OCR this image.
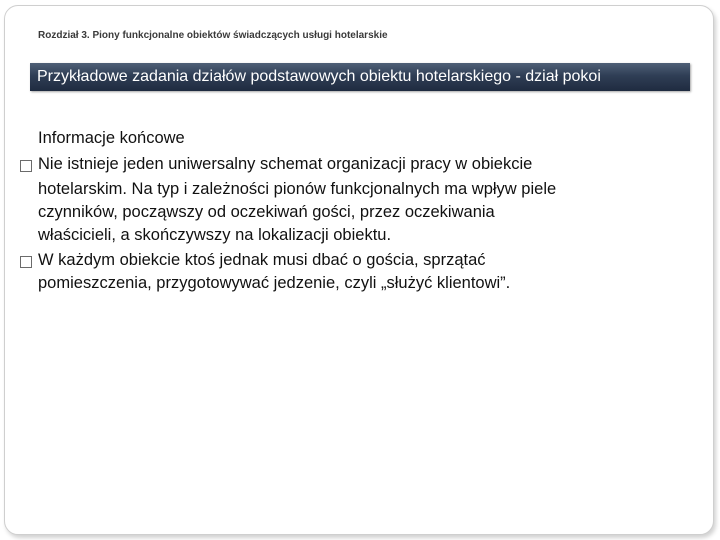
Rozdział 3. Piony funkcjonalne obiektów świadczących usługi hotelarskie
Przykładowe zadania działów podstawowych obiektu hotelarskiego - dział pokoi
Informacje końcowe
Nie istnieje jeden uniwersalny schemat organizacji pracy w obiekcie
hotelarskim. Na typ i zależności pionów funkcjonalnych ma wpływ piele
czynników, począwszy od oczekiwań gości, przez oczekiwania
właścicieli, a skończywszy na lokalizacji obiektu.
W każdym obiekcie ktoś jednak musi dbać o gościa, sprzątać
pomieszczenia, przygotowywać jedzenie, czyli „służyć klientowi”.
